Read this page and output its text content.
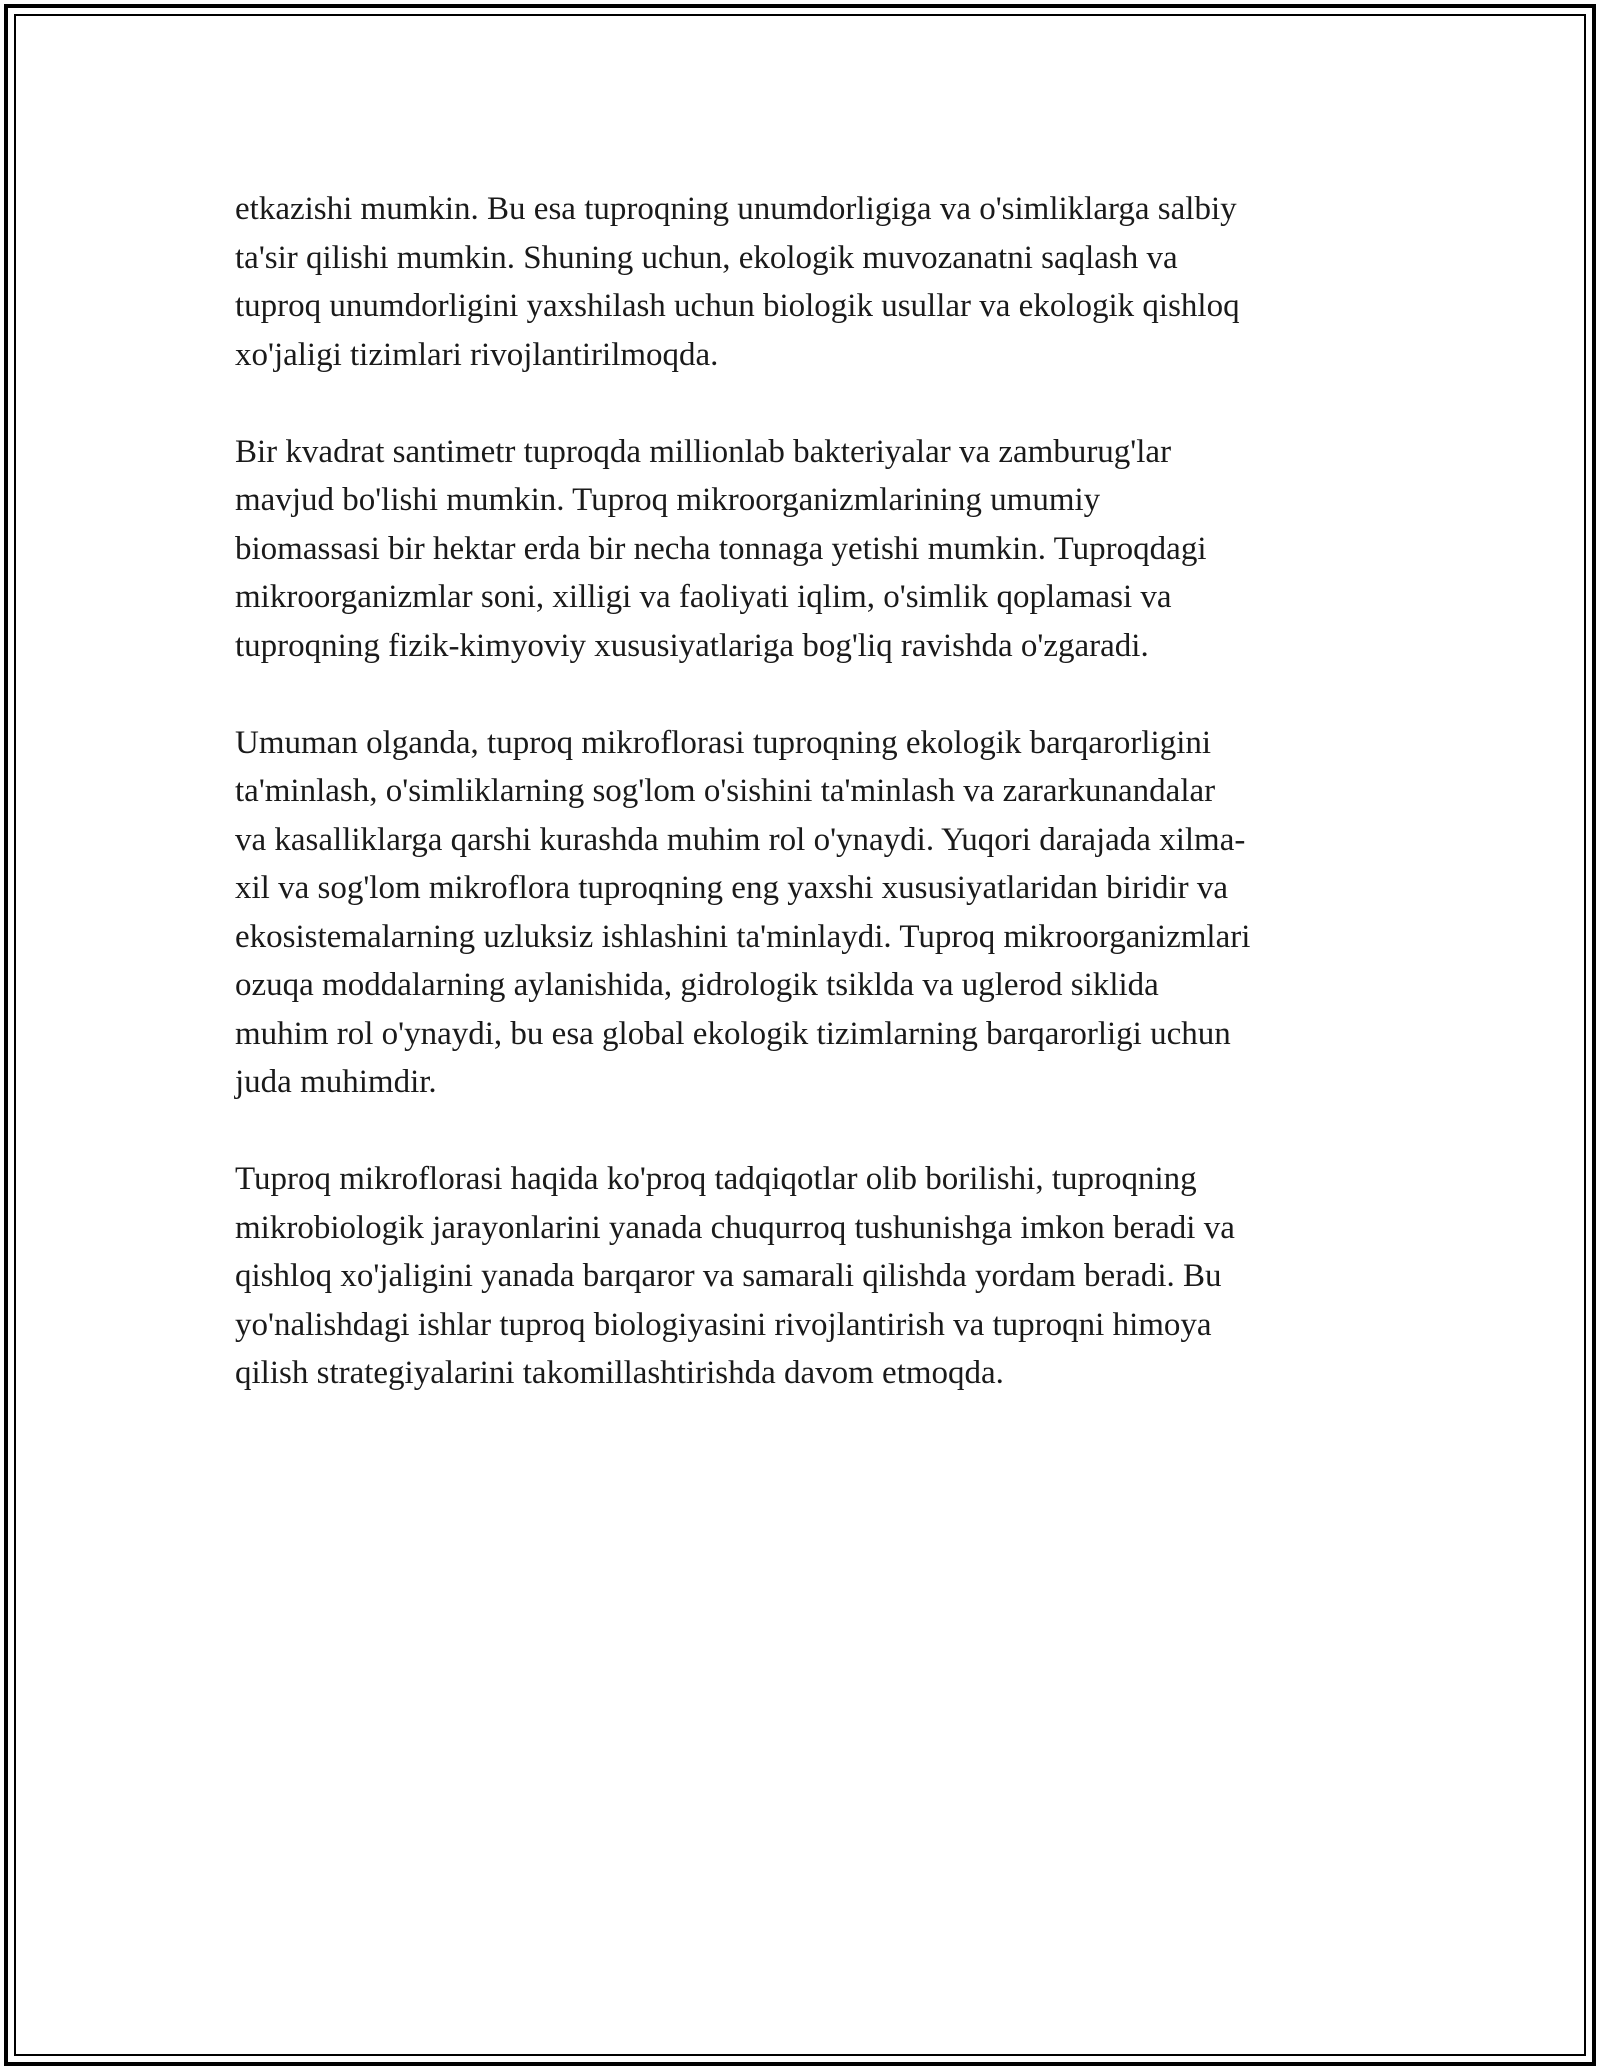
etkazishi mumkin. Bu esa tuproqning unumdorligiga va o'simliklarga salbiy
ta'sir qilishi mumkin. Shuning uchun, ekologik muvozanatni saqlash va
tuproq unumdorligini yaxshilash uchun biologik usullar va ekologik qishloq
xo'jaligi tizimlari rivojlantirilmoqda.

Bir kvadrat santimetr tuproqda millionlab bakteriyalar va zamburug'lar
mavjud bo'lishi mumkin. Tuproq mikroorganizmlarining umumiy
biomassasi bir hektar erda bir necha tonnaga yetishi mumkin. Tuproqdagi
mikroorganizmlar soni, xilligi va faoliyati iqlim, o'simlik qoplamasi va
tuproqning fizik-kimyoviy xususiyatlariga bog'liq ravishda o'zgaradi.

Umuman olganda, tuproq mikroflorasi tuproqning ekologik barqarorligini
ta'minlash, o'simliklarning sog'lom o'sishini ta'minlash va zararkunandalar
va kasalliklarga qarshi kurashda muhim rol o'ynaydi. Yuqori darajada xilma-
xil va sog'lom mikroflora tuproqning eng yaxshi xususiyatlaridan biridir va
ekosistemalarning uzluksiz ishlashini ta'minlaydi. Tuproq mikroorganizmlari
ozuqa moddalarning aylanishida, gidrologik tsiklda va uglerod siklida
muhim rol o'ynaydi, bu esa global ekologik tizimlarning barqarorligi uchun
juda muhimdir.

Tuproq mikroflorasi haqida ko'proq tadqiqotlar olib borilishi, tuproqning
mikrobiologik jarayonlarini yanada chuqurroq tushunishga imkon beradi va
qishloq xo'jaligini yanada barqaror va samarali qilishda yordam beradi. Bu
yo'nalishdagi ishlar tuproq biologiyasini rivojlantirish va tuproqni himoya
qilish strategiyalarini takomillashtirishda davom etmoqda.
